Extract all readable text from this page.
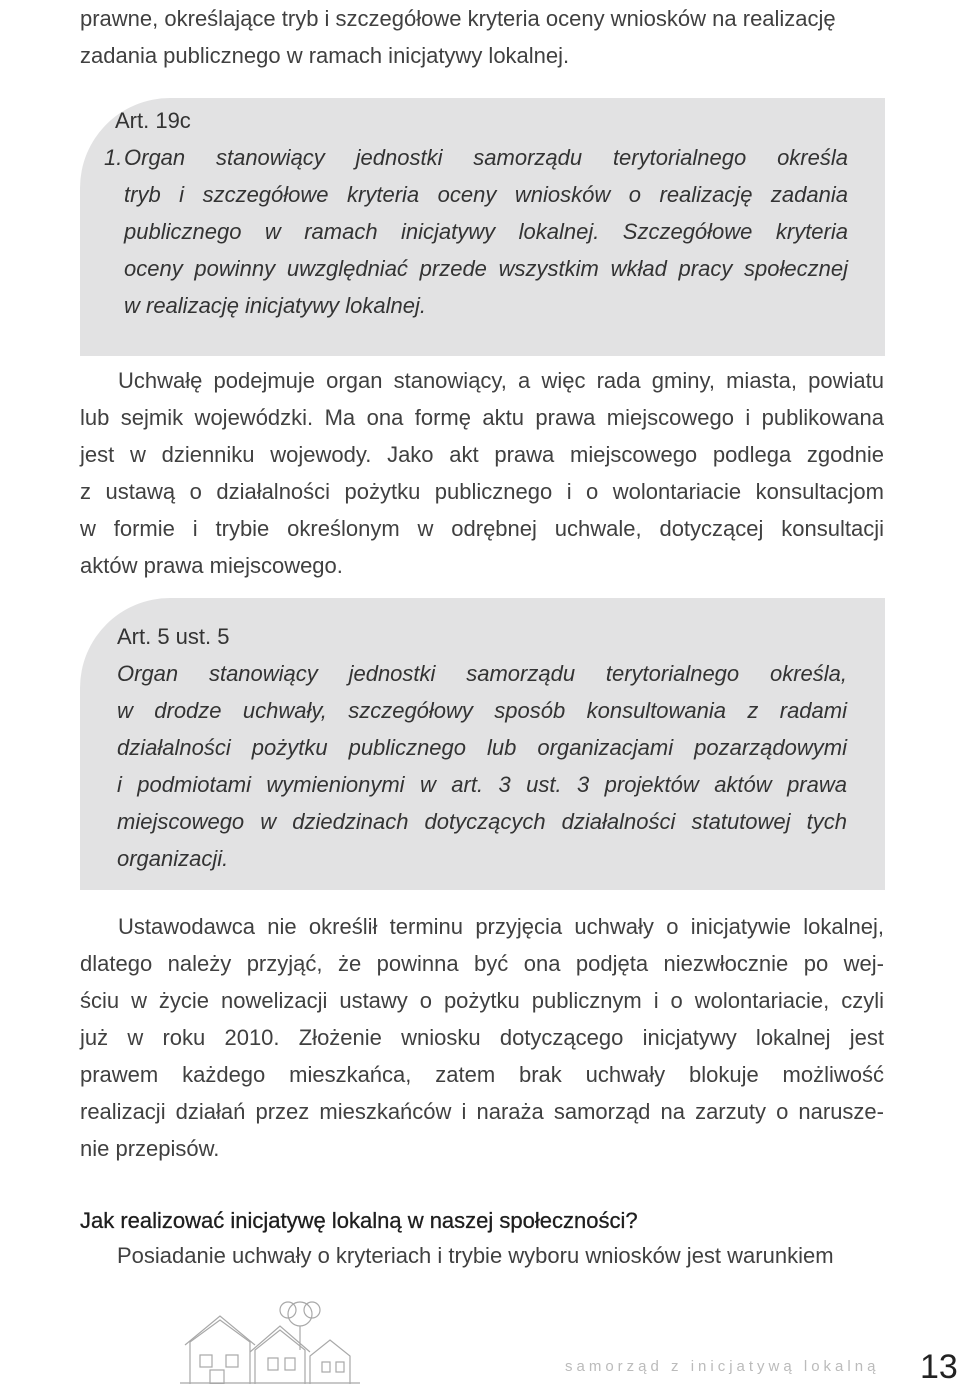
prawne, określające tryb i szczegółowe kryteria oceny wniosków na realizację
zadania publicznego w ramach inicjatywy lokalnej.
Art. 19c
1. Organ stanowiący jednostki samorządu terytorialnego określa
tryb i szczegółowe kryteria oceny wniosków o realizację zadania
publicznego w ramach inicjatywy lokalnej. Szczegółowe kryteria
oceny powinny uwzględniać przede wszystkim wkład pracy społecznej
w realizację inicjatywy lokalnej.
Uchwałę podejmuje organ stanowiący, a więc rada gminy, miasta, powiatu
lub sejmik wojewódzki. Ma ona formę aktu prawa miejscowego i publikowana
jest w dzienniku wojewody. Jako akt prawa miejscowego podlega zgodnie
z ustawą o działalności pożytku publicznego i o wolontariacie konsultacjom
w formie i trybie określonym w odrębnej uchwale, dotyczącej konsultacji
aktów prawa miejscowego.
Art. 5 ust. 5
Organ stanowiący jednostki samorządu terytorialnego określa,
w drodze uchwały, szczegółowy sposób konsultowania z radami
działalności pożytku publicznego lub organizacjami pozarządowymi
i podmiotami wymienionymi w art. 3 ust. 3 projektów aktów prawa
miejscowego w dziedzinach dotyczących działalności statutowej tych
organizacji.
Ustawodawca nie określił terminu przyjęcia uchwały o inicjatywie lokalnej,
dlatego należy przyjąć, że powinna być ona podjęta niezwłocznie po wej-
ściu w życie nowelizacji ustawy o pożytku publicznym i o wolontariacie, czyli
już w roku 2010. Złożenie wniosku dotyczącego inicjatywy lokalnej jest
prawem każdego mieszkańca, zatem brak uchwały blokuje możliwość
realizacji działań przez mieszkańców i naraża samorząd na zarzuty o narusze-
nie przepisów.
Jak realizować inicjatywę lokalną w naszej społeczności?
Posiadanie uchwały o kryteriach i trybie wyboru wniosków jest warunkiem
samorząd z inicjatywą lokalną 13
